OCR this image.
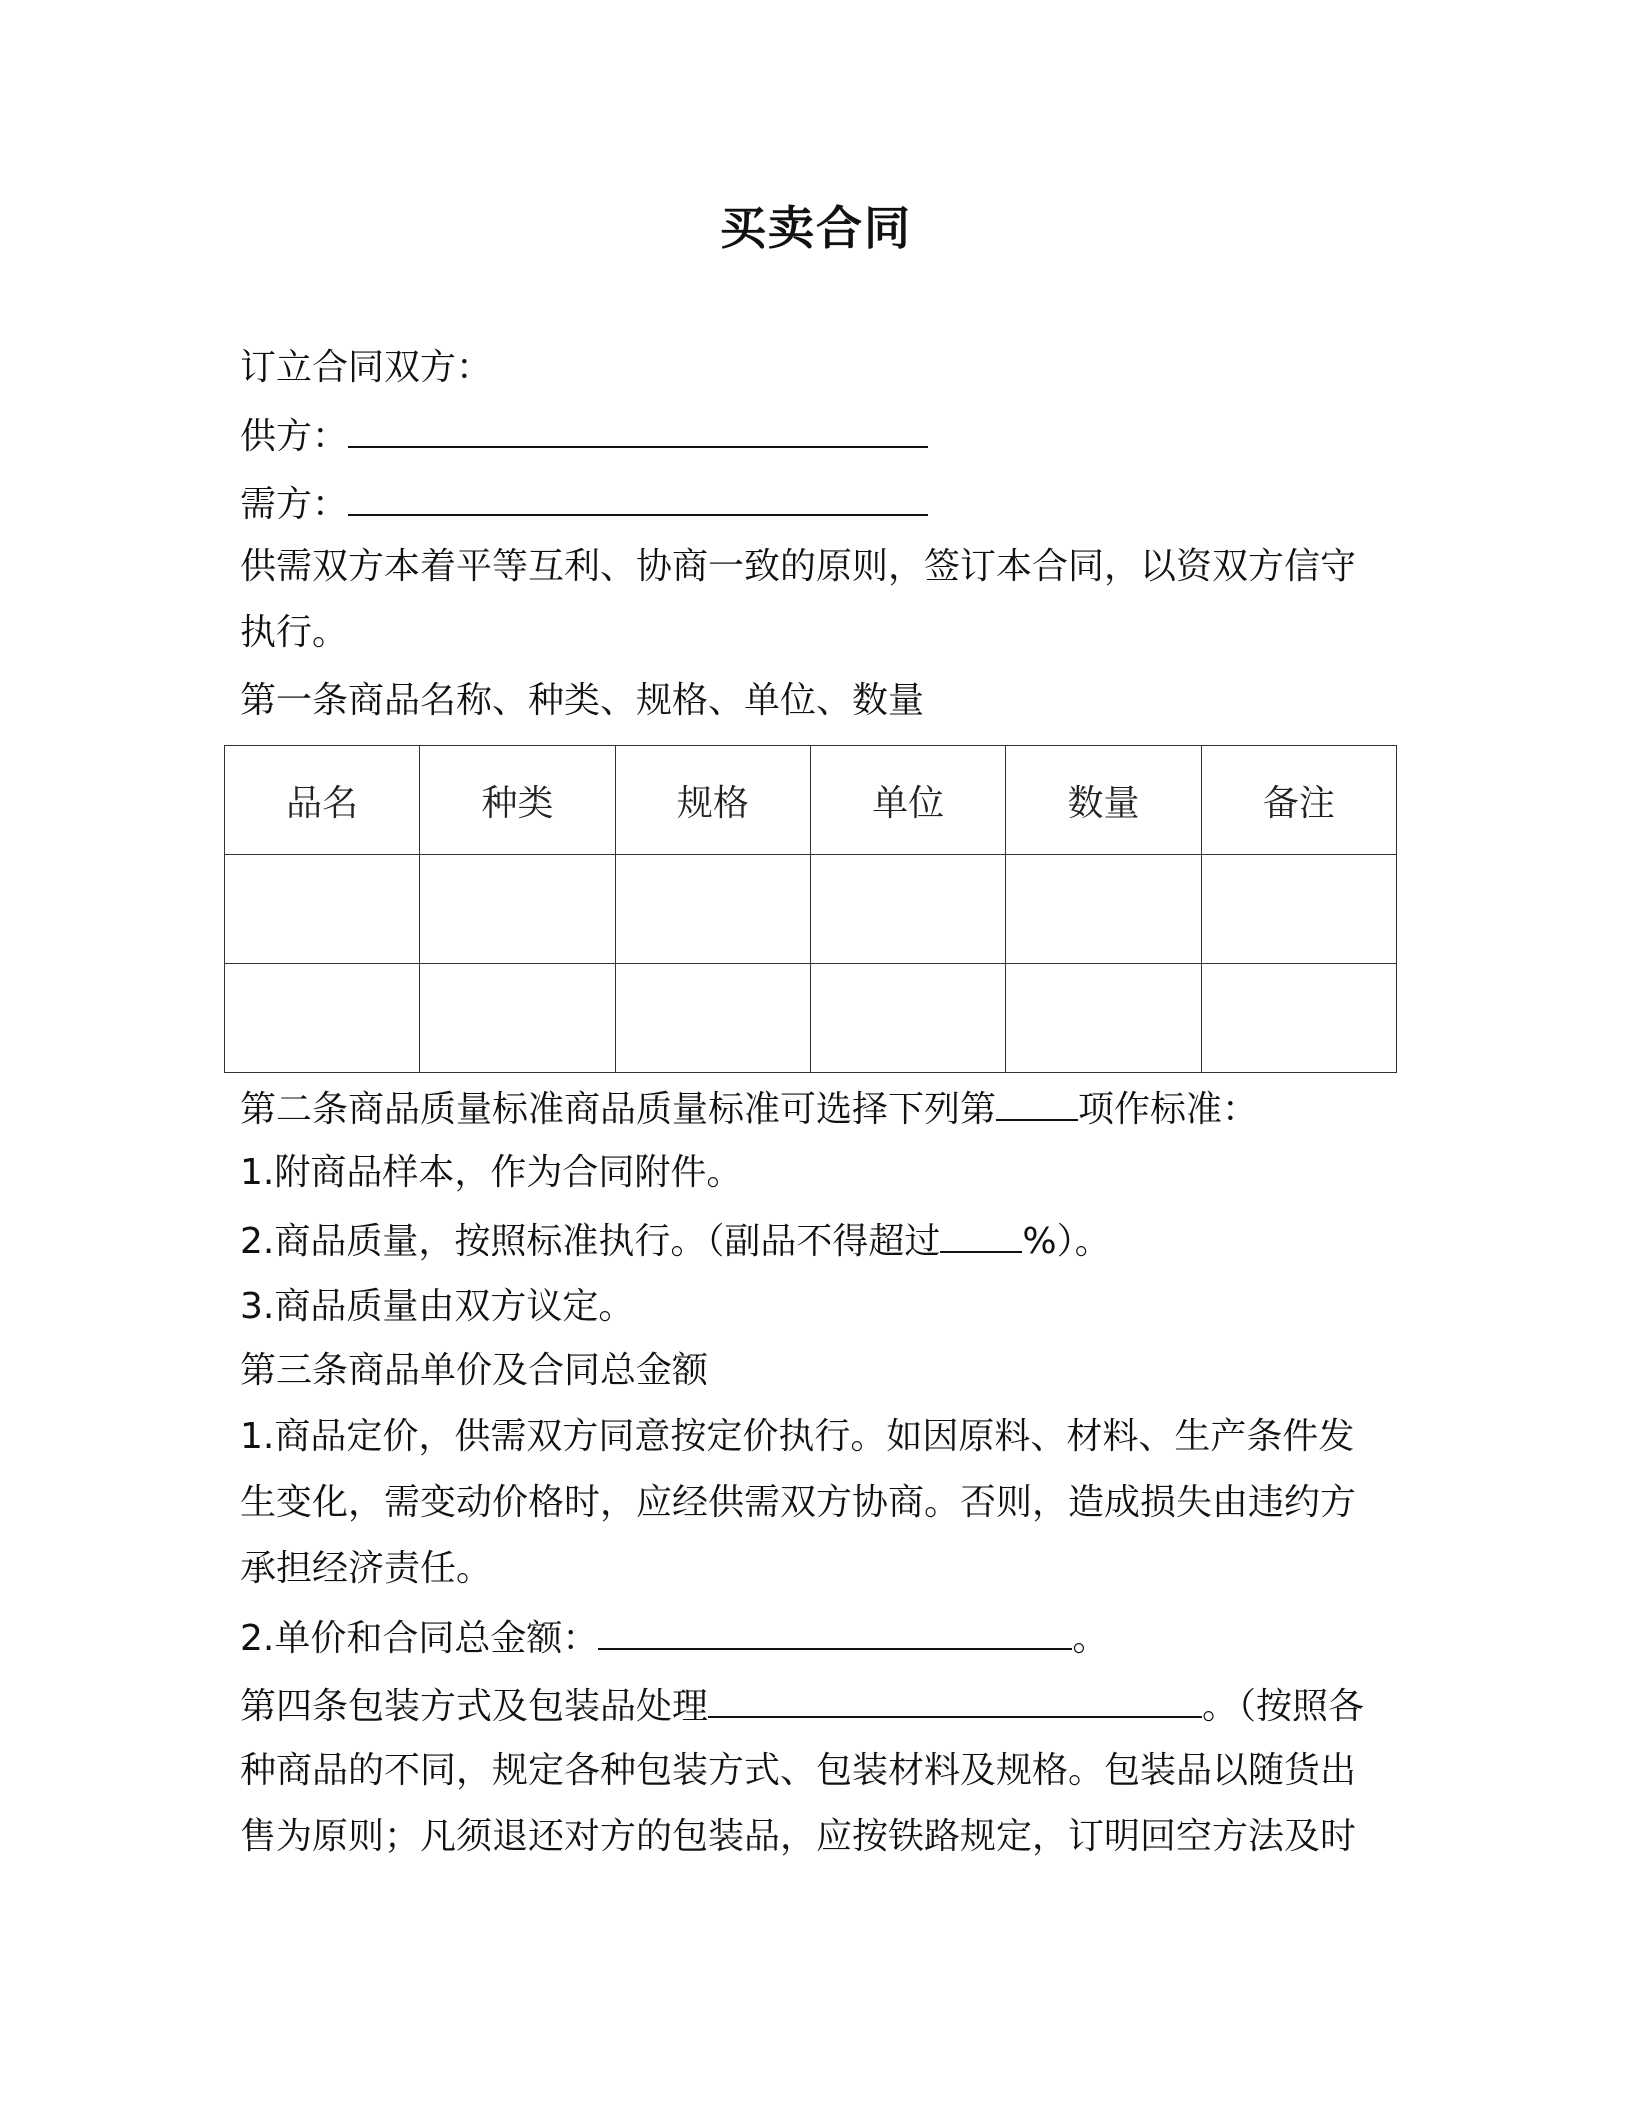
买卖合同
订立合同双方：
供方：
需方：
供需双方本着平等互利、协商一致的原则，签订本合同，以资双方信守
执行。
第一条商品名称、种类、规格、单位、数量
品名	种类	规格	单位	数量	备注

第二条商品质量标准商品质量标准可选择下列第 项作标准：
1.附商品样本，作为合同附件。
2.商品质量，按照标准执行。（副品不得超过 %）。
3.商品质量由双方议定。
第三条商品单价及合同总金额
1.商品定价，供需双方同意按定价执行。如因原料、材料、生产条件发
生变化，需变动价格时，应经供需双方协商。否则，造成损失由违约方
承担经济责任。
2.单价和合同总金额：	。
第四条包装方式及包装品处理	。（按照各
种商品的不同，规定各种包装方式、包装材料及规格。包装品以随货出
售为原则；凡须退还对方的包装品，应按铁路规定，订明回空方法及时
